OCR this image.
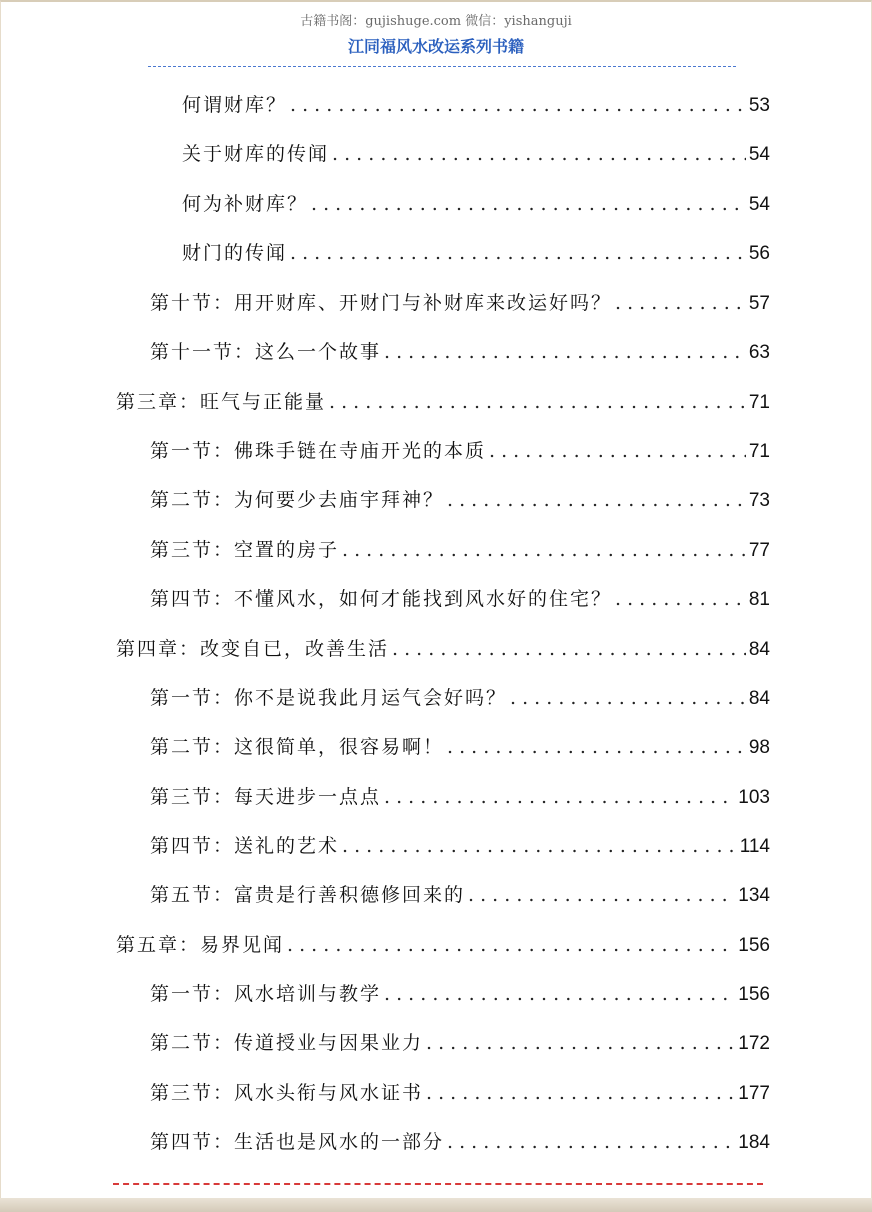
古籍书阁：gujishuge.com 微信：yishanguji
江同福风水改运系列书籍
何谓财库？ . . .	53
关于财库的传闻 . . .	54
何为补财库？ . . .	54
财门的传闻 . . .	56
第十节：用开财库、开财门与补财库来改运好吗？ . . .	57
第十一节：这么一个故事 . . .	63
第三章：旺气与正能量 . . .	71
第一节：佛珠手链在寺庙开光的本质 . . .	71
第二节：为何要少去庙宇拜神？ . . .	73
第三节：空置的房子 . . .	77
第四节：不懂风水，如何才能找到风水好的住宅？ . . .	81
第四章：改变自已，改善生活 . . .	84
第一节：你不是说我此月运气会好吗？ . . .	84
第二节：这很简单，很容易啊！ . . .	98
第三节：每天进步一点点 . . .	103
第四节：送礼的艺术 . . .	114
第五节：富贵是行善积德修回来的 . . .	134
第五章：易界见闻 . . .	156
第一节：风水培训与教学 . . .	156
第二节：传道授业与因果业力 . . .	172
第三节：风水头衔与风水证书 . . .	177
第四节：生活也是风水的一部分 . . .	184
